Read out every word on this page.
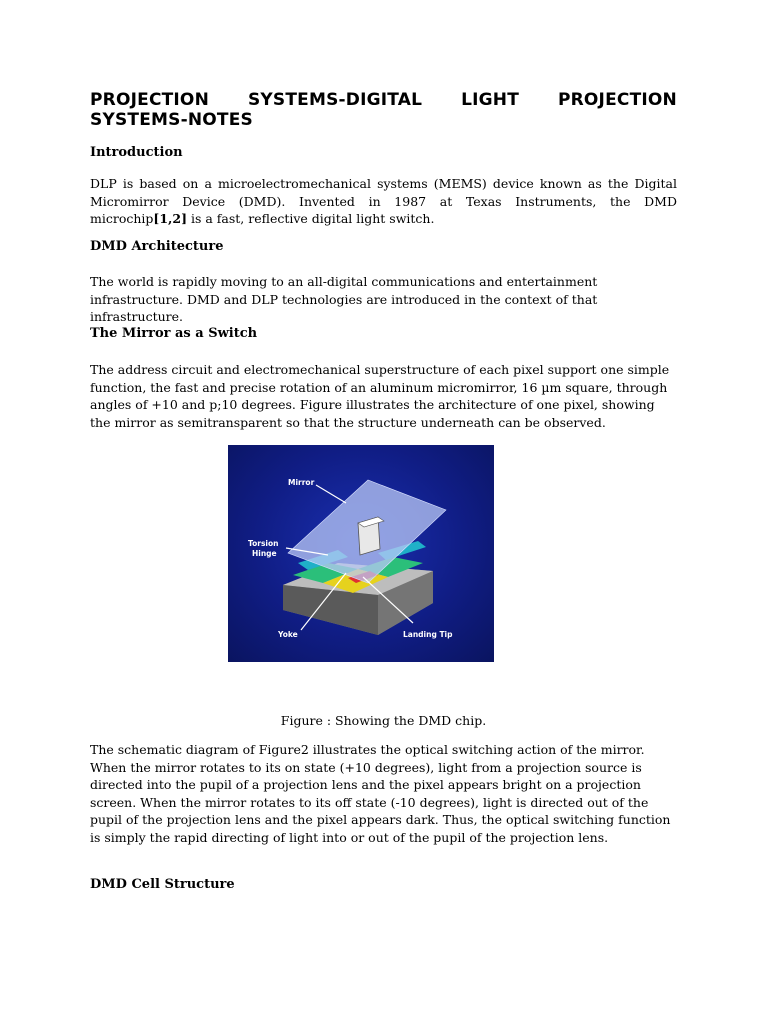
PROJECTION SYSTEMS-DIGITAL LIGHT PROJECTION
SYSTEMS-NOTES
Introduction

DLP is based on a microelectromechanical systems (MEMS) device known as the Digital Micromirror Device (DMD). Invented in 1987 at Texas Instruments, the DMD microchip[1,2] is a fast, reflective digital light switch.

DMD Architecture

The world is rapidly moving to an all-digital communications and entertainment infrastructure. DMD and DLP technologies are introduced in the context of that infrastructure.

The Mirror as a Switch

The address circuit and electromechanical superstructure of each pixel support one simple function, the fast and precise rotation of an aluminum micromirror, 16 µm square, through angles of +10 and p;10 degrees. Figure illustrates the architecture of one pixel, showing the mirror as semitransparent so that the structure underneath can be observed.

Mirror
Torsion
Hinge
Yoke	Landing Tip

Figure : Showing the DMD chip.

The schematic diagram of Figure2 illustrates the optical switching action of the mirror. When the mirror rotates to its on state (+10 degrees), light from a projection source is directed into the pupil of a projection lens and the pixel appears bright on a projection screen. When the mirror rotates to its off state (-10 degrees), light is directed out of the pupil of the projection lens and the pixel appears dark. Thus, the optical switching function is simply the rapid directing of light into or out of the pupil of the projection lens.

DMD Cell Structure
